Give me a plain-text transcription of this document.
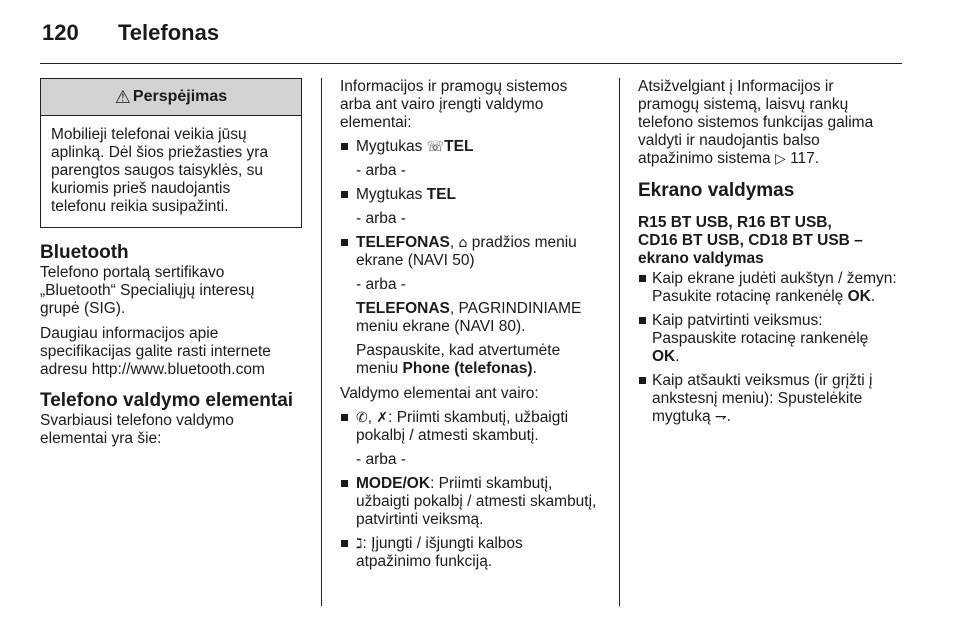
120 Telefonas
⚠ Perspėjimas

Mobilieji telefonai veikia jūsų

aplinką. Dėl šios priežasties yra

parengtos saugos taisyklės, su

kuriomis prieš naudojantis

telefonu reikia susipažinti.

Bluetooth

Telefono portalą sertifikavo

„Bluetooth“ Specialiųjų interesų

grupė (SIG).

Daugiau informacijos apie

specifikacijas galite rasti internete

adresu http://www.bluetooth.com

Telefono valdymo elementai

Svarbiausi telefono valdymo

elementai yra šie:

Informacijos ir pramogų sistemos

arba ant vairo įrengti valdymo

elementai:

Mygtukas ☏TEL

- arba -

Mygtukas TEL

- arba -

TELEFONAS, ⌂ pradžios meniu

ekrane (NAVI 50)

- arba -

TELEFONAS, PAGRINDINIAME

meniu ekrane (NAVI 80).

Paspauskite, kad atvertumėte

meniu Phone (telefonas).

Valdymo elementai ant vairo:

✆, ✗: Priimti skambutį, užbaigti

pokalbį / atmesti skambutį.

- arba -

MODE/OK: Priimti skambutį,

užbaigti pokalbį / atmesti skambutį,

patvirtinti veiksmą.

ℷ: Įjungti / išjungti kalbos

atpažinimo funkciją.

Atsižvelgiant į Informacijos ir

pramogų sistemą, laisvų rankų

telefono sistemos funkcijas galima

valdyti ir naudojantis balso

atpažinimo sistema ▷ 117.

Ekrano valdymas
R15 BT USB, R16 BT USB,
CD16 BT USB, CD18 BT USB –
ekrano valdymas

Kaip ekrane judėti aukštyn / žemyn:

Pasukite rotacinę rankenėlę OK.

Kaip patvirtinti veiksmus:

Paspauskite rotacinę rankenėlę

OK.

Kaip atšaukti veiksmus (ir grįžti į

ankstesnį meniu): Spustelėkite

mygtuką ⇁.
